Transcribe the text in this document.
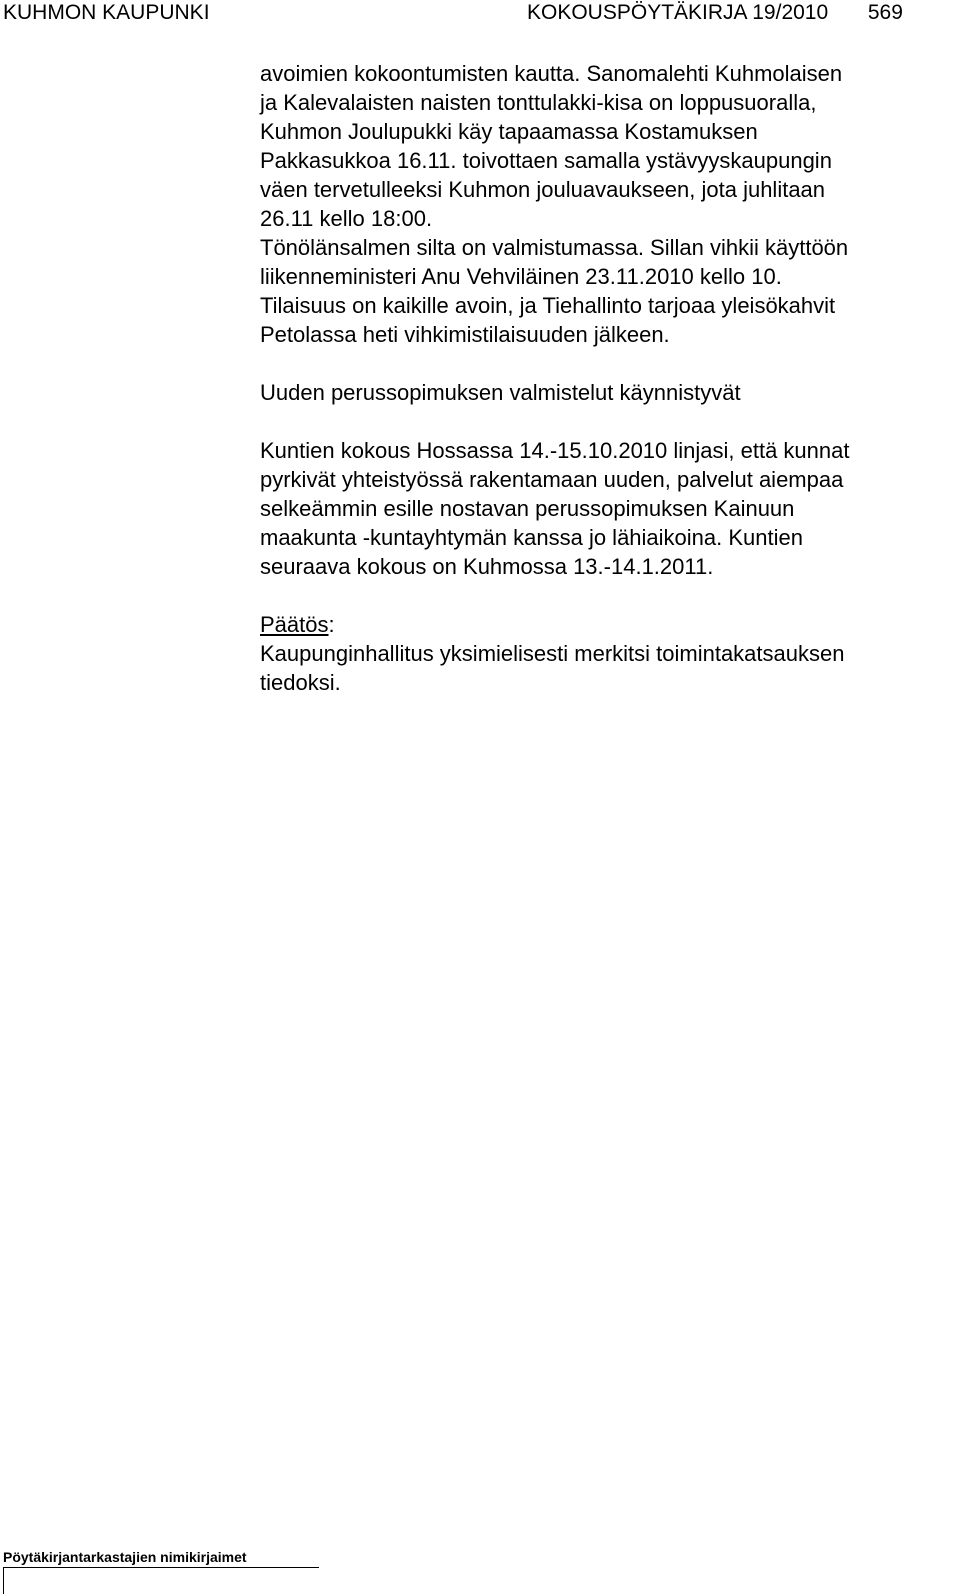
KUHMON KAUPUNKI	KOKOUSPÖYTÄKIRJA 19/2010 569

avoimien kokoontumisten kautta. Sanomalehti Kuhmolaisen

ja Kalevalaisten naisten tonttulakki-kisa on loppusuoralla,

Kuhmon Joulupukki käy tapaamassa Kostamuksen

Pakkasukkoa 16.11. toivottaen samalla ystävyyskaupungin

väen tervetulleeksi Kuhmon jouluavaukseen, jota juhlitaan

26.11 kello 18:00.

Tönölänsalmen silta on valmistumassa. Sillan vihkii käyttöön

liikenneministeri Anu Vehviläinen 23.11.2010 kello 10.

Tilaisuus on kaikille avoin, ja Tiehallinto tarjoaa yleisökahvit

Petolassa heti vihkimistilaisuuden jälkeen.

Uuden perussopimuksen valmistelut käynnistyvät

Kuntien kokous Hossassa 14.-15.10.2010 linjasi, että kunnat

pyrkivät yhteistyössä rakentamaan uuden, palvelut aiempaa

selkeämmin esille nostavan perussopimuksen Kainuun

maakunta -kuntayhtymän kanssa jo lähiaikoina. Kuntien

seuraava kokous on Kuhmossa 13.-14.1.2011.

Päätös:

Kaupunginhallitus yksimielisesti merkitsi toimintakatsauksen

tiedoksi.

Pöytäkirjantarkastajien nimikirjaimet
